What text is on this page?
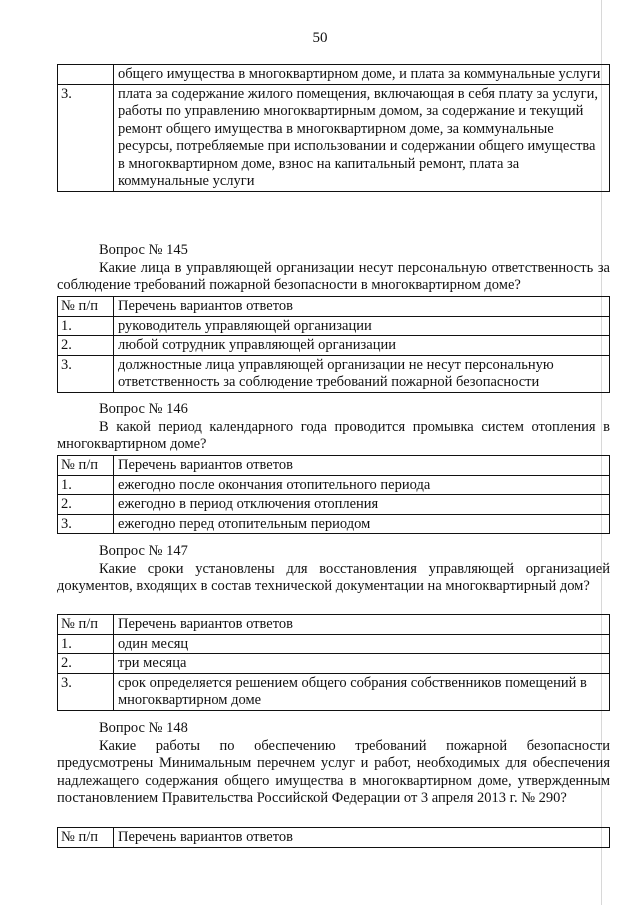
50
	общего имущества в многоквартирном доме, и плата за коммунальные услуги
3.	плата за содержание жилого помещения, включающая в себя плату за услуги, работы по управлению многоквартирным домом, за содержание и текущий ремонт общего имущества в многоквартирном доме, за коммунальные ресурсы, потребляемые при использовании и содержании общего имущества в многоквартирном доме, взнос на капитальный ремонт, плата за коммунальные услуги
Вопрос № 145
Какие лица в управляющей организации несут персональную ответственность за соблюдение требований пожарной безопасности в многоквартирном доме?
№ п/п	Перечень вариантов ответов
1.	руководитель управляющей организации
2.	любой сотрудник управляющей организации
3.	должностные лица управляющей организации не несут персональную ответственность за соблюдение требований пожарной безопасности
Вопрос № 146
В какой период календарного года проводится промывка систем отопления в многоквартирном доме?
№ п/п	Перечень вариантов ответов
1.	ежегодно после окончания отопительного периода
2.	ежегодно в период отключения отопления
3.	ежегодно перед отопительным периодом
Вопрос № 147
Какие сроки установлены для восстановления управляющей организацией документов, входящих в состав технической документации на многоквартирный дом?
№ п/п	Перечень вариантов ответов
1.	один месяц
2.	три месяца
3.	срок определяется решением общего собрания собственников помещений в многоквартирном доме
Вопрос № 148
Какие работы по обеспечению требований пожарной безопасности предусмотрены Минимальным перечнем услуг и работ, необходимых для обеспечения надлежащего содержания общего имущества в многоквартирном доме, утвержденным постановлением Правительства Российской Федерации от 3 апреля 2013 г. № 290?
№ п/п	Перечень вариантов ответов
